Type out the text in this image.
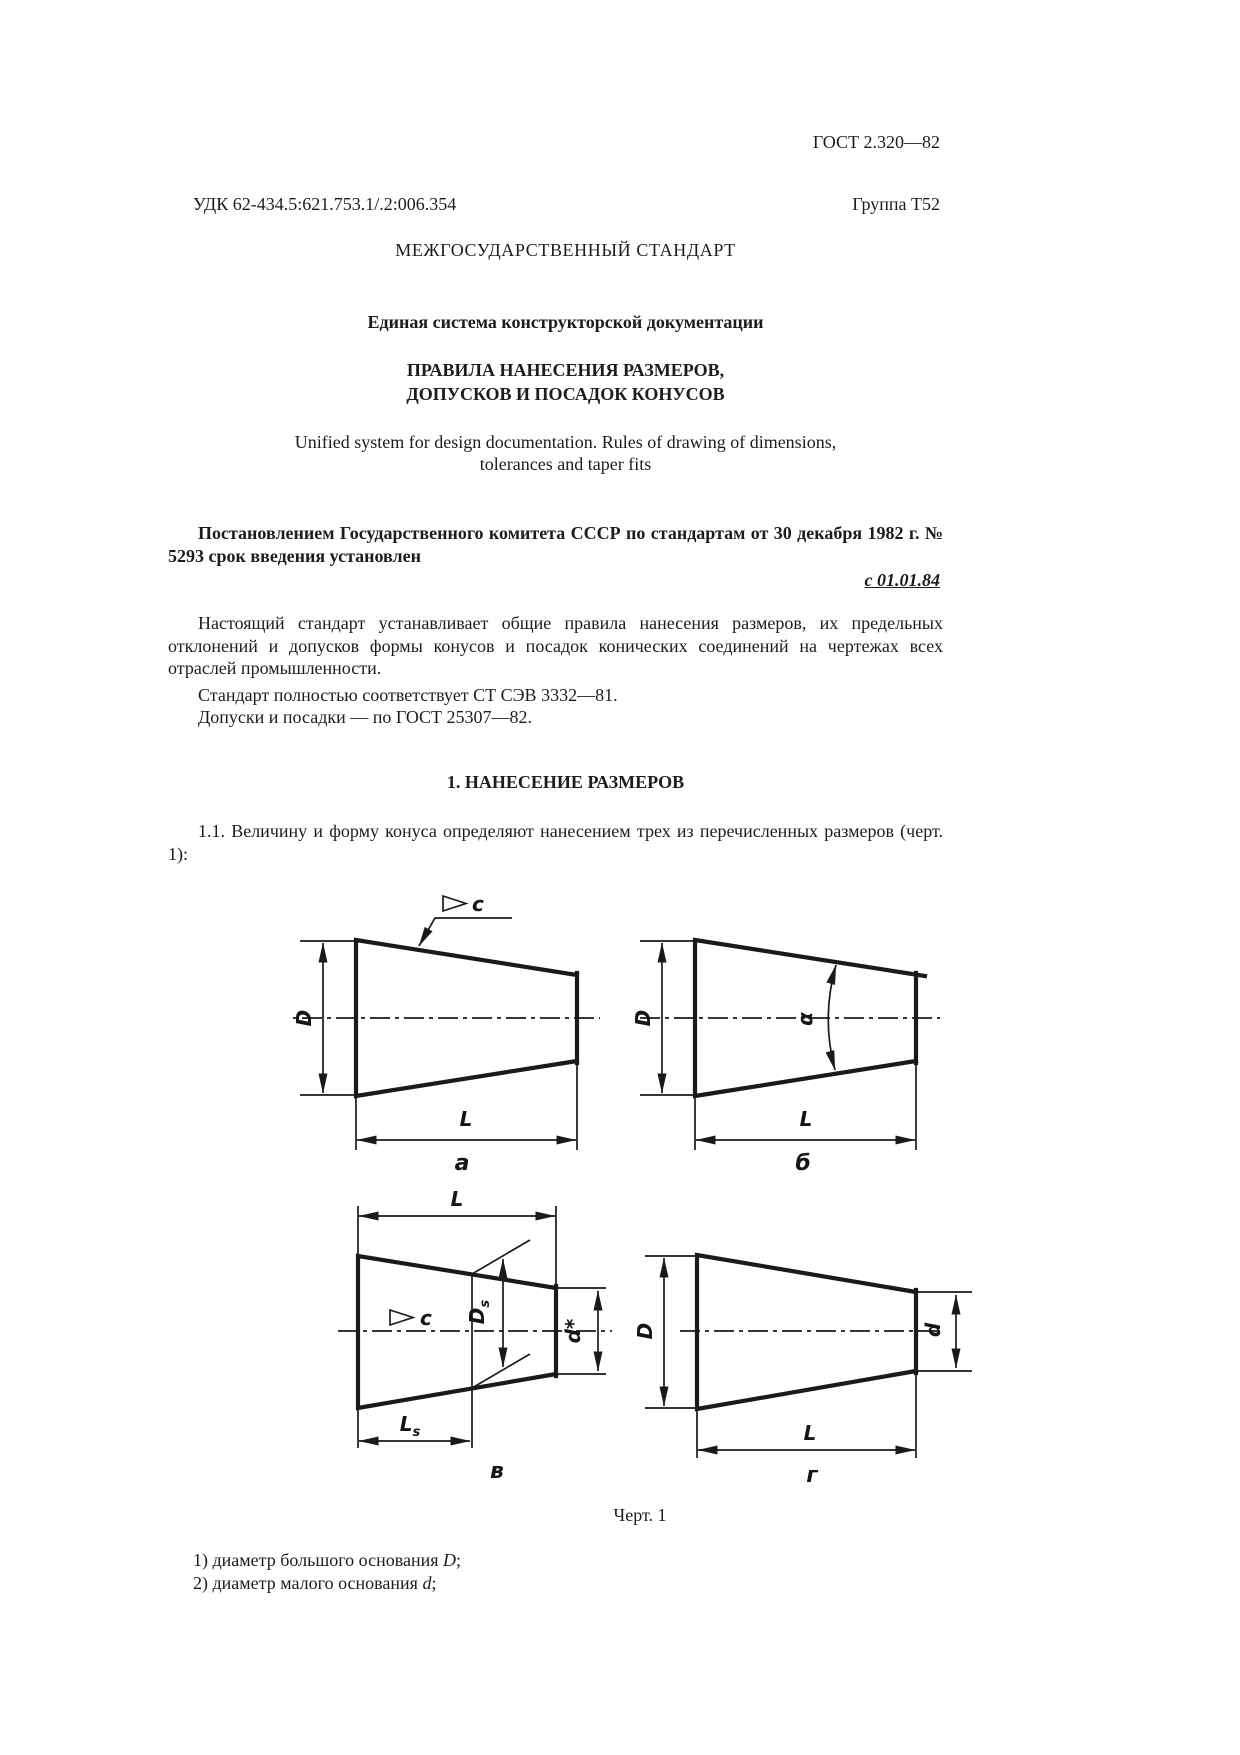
ГОСТ 2.320—82
УДК 62-434.5:621.753.1/.2:006.354	Группа Т52
МЕЖГОСУДАРСТВЕННЫЙ СТАНДАРТ
Единая система конструкторской документации
ПРАВИЛА НАНЕСЕНИЯ РАЗМЕРОВ,
ДОПУСКОВ И ПОСАДОК КОНУСОВ
Unified system for design documentation. Rules of drawing of dimensions,
tolerances and taper fits
Постановлением Государственного комитета СССР по стандартам от 30 декабря 1982 г. № 5293 срок введения установлен
с 01.01.84
Настоящий стандарт устанавливает общие правила нанесения размеров, их предельных отклонений и допусков формы конусов и посадок конических соединений на чертежах всех отраслей промышленности.
Стандарт полностью соответствует СТ СЭВ 3332—81.
Допуски и посадки — по ГОСТ 25307—82.
1. НАНЕСЕНИЕ РАЗМЕРОВ
1.1. Величину и форму конуса определяют нанесением трех из перечисленных размеров (черт.
1):
D
c
L
a
D	α
L
б
L
$D_s$
c
d*
$L_s$
в
D	d
L
г
Черт. 1
1) диаметр большого основания D;
2) диаметр малого основания d;
